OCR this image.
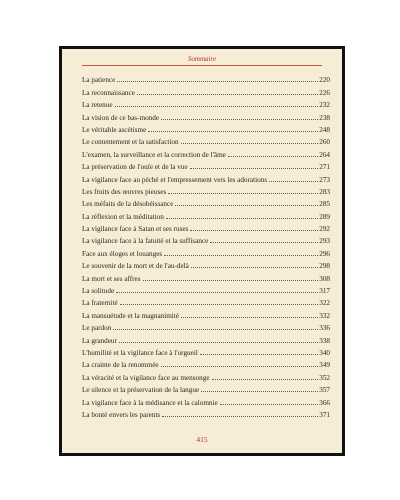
Sommaire
La patience	220
La reconnaissance	226
La retenue	232
La vision de ce bas-monde	238
Le véritable ascétisme	248
Le contentement et la satisfaction	260
L'examen, la surveillance et la correction de l'âme	264
La préservation de l'ouïe et de la vue	271
La vigilance face au péché et l'empressement vers les adorations	273
Les fruits des œuvres pieuses	283
Les méfaits de la désobéissance	285
La réflexion et la méditation	289
La vigilance face à Satan et ses ruses	292
La vigilance face à la fatuité et la suffisance	293
Face aux éloges et louanges	296
Le souvenir de la mort et de l'au-delà	298
La mort et ses affres	308
La solitude	317
La fraternité	322
La mansuétude et la magnanimité	332
Le pardon	336
La grandeur	338
L'humilité et la vigilance face à l'orgueil	340
La crainte de la renommée	349
La véracité et la vigilance face au mensonge	352
Le silence et la préservation de la langue	357
La vigilance face à la médisance et la calomnie	366
La bonté envers les parents	371
415
